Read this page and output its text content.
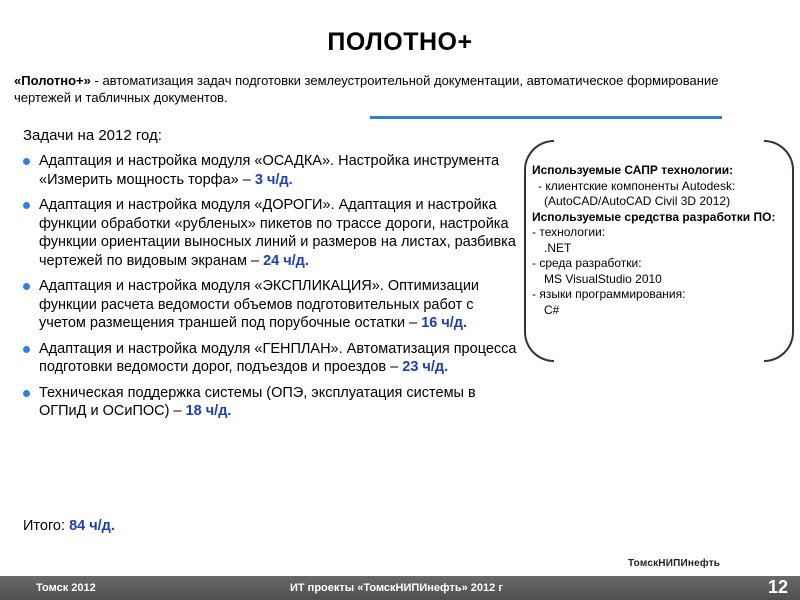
ПОЛОТНО+
«Полотно+» - автоматизация задач подготовки землеустроительной документации, автоматическое формирование чертежей и табличных документов.
Задачи на 2012 год:
Адаптация и настройка модуля «ОСАДКА». Настройка инструмента «Измерить мощность торфа» – 3 ч/д.
Адаптация и настройка модуля «ДОРОГИ». Адаптация и настройка функции обработки «рубленых» пикетов по трассе дороги, настройка функции ориентации выносных линий и размеров на листах, разбивка чертежей по видовым экранам – 24 ч/д.
Адаптация и настройка модуля «ЭКСПЛИКАЦИЯ». Оптимизации функции расчета ведомости объемов подготовительных работ с учетом размещения траншей под порубочные остатки – 16 ч/д.
Адаптация и настройка модуля «ГЕНПЛАН». Автоматизация процесса подготовки ведомости дорог, подъездов и проездов – 23 ч/д.
Техническая поддержка системы (ОПЭ, эксплуатация системы в ОГПиД и ОСиПОС) – 18 ч/д.
Итого: 84 ч/д.
Используемые САПР технологии:
- клиентские компоненты Autodesk:
(AutoCAD/AutoCAD Civil 3D 2012)
Используемые средства разработки ПО:
- технологии:
.NET
- среда разработки:
MS VisualStudio 2010
- языки программирования:
C#
ТомскНИПИнефть
Томск 2012	ИТ проекты «ТомскНИПИнефть» 2012 г	12
